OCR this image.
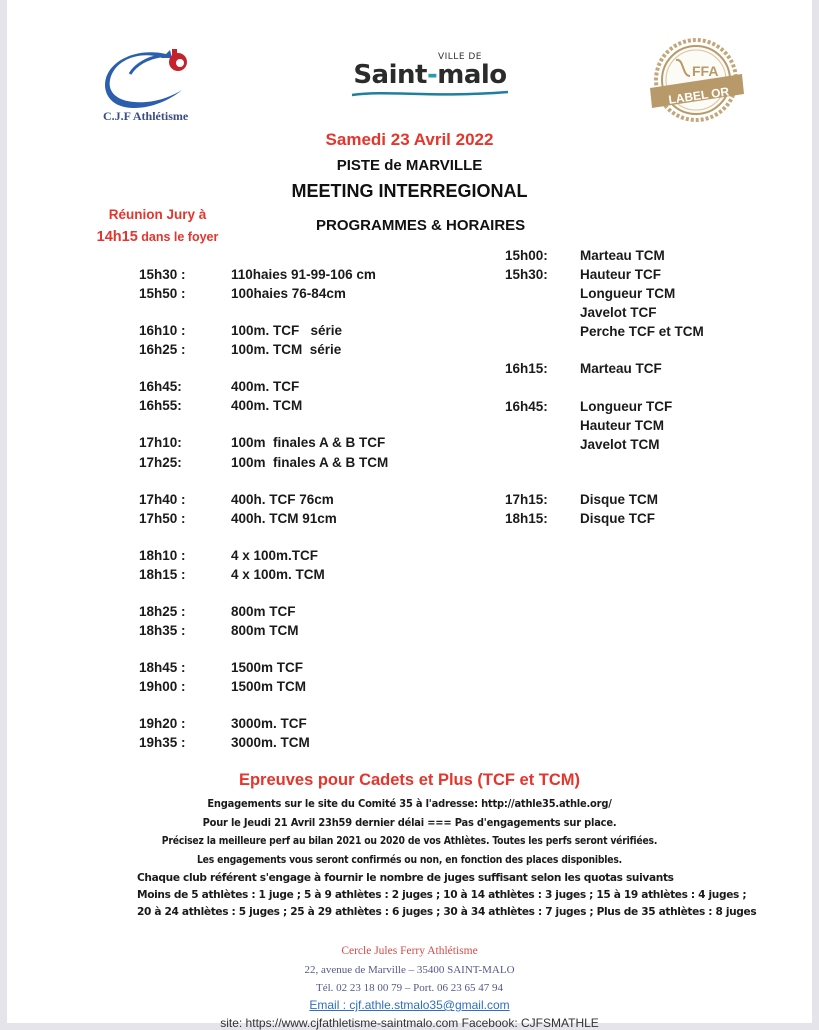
C.J.F Athlétisme
VILLE DE
Saint-malo	FFA
LABEL OR
Samedi 23 Avril 2022
PISTE de MARVILLE
MEETING INTERREGIONAL
PROGRAMMES & HORAIRES
Réunion Jury à
14h15 dans le foyer
15h30 :	110haies 91-99-106 cm
15h50 :	100haies 76-84cm
16h10 :	100m. TCF   série
16h25 :	100m. TCM  série
16h45:	400m. TCF
16h55:	400m. TCM
17h10:	100m  finales A & B TCF
17h25:	100m  finales A & B TCM
17h40 :	400h. TCF 76cm
17h50 :	400h. TCM 91cm
18h10 :	4 x 100m.TCF
18h15 :	4 x 100m. TCM
18h25 :	800m TCF
18h35 :	800m TCM
18h45 :	1500m TCF
19h00 :	1500m TCM
19h20 :	3000m. TCF
19h35 :	3000m. TCM
15h00: Marteau TCM
15h30: Hauteur TCF
Longueur TCM
Javelot TCF
Perche TCF et TCM
16h15: Marteau TCF
16h45: Longueur TCF
Hauteur TCM
Javelot TCM
17h15: Disque TCM
18h15: Disque TCF
Epreuves pour Cadets et Plus (TCF et TCM)
Engagements sur le site du Comité 35 à l'adresse: http://athle35.athle.org/
Pour le Jeudi 21 Avril 23h59 dernier délai === Pas d'engagements sur place.
Précisez la meilleure perf au bilan 2021 ou 2020 de vos Athlètes. Toutes les perfs seront vérifiées.
Les engagements vous seront confirmés ou non, en fonction des places disponibles.
Chaque club référent s'engage à fournir le nombre de juges suffisant selon les quotas suivants
Moins de 5 athlètes : 1 juge ; 5 à 9 athlètes : 2 juges ; 10 à 14 athlètes : 3 juges ; 15 à 19 athlètes : 4 juges ;
20 à 24 athlètes : 5 juges ; 25 à 29 athlètes : 6 juges ; 30 à 34 athlètes : 7 juges ; Plus de 35 athlètes : 8 juges
Cercle Jules Ferry Athlétisme
22, avenue de Marville – 35400 SAINT-MALO
Tél. 02 23 18 00 79 – Port. 06 23 65 47 94
Email : cjf.athle.stmalo35@gmail.com
site: https://www.cjfathletisme-saintmalo.com Facebook: CJFSMATHLE
